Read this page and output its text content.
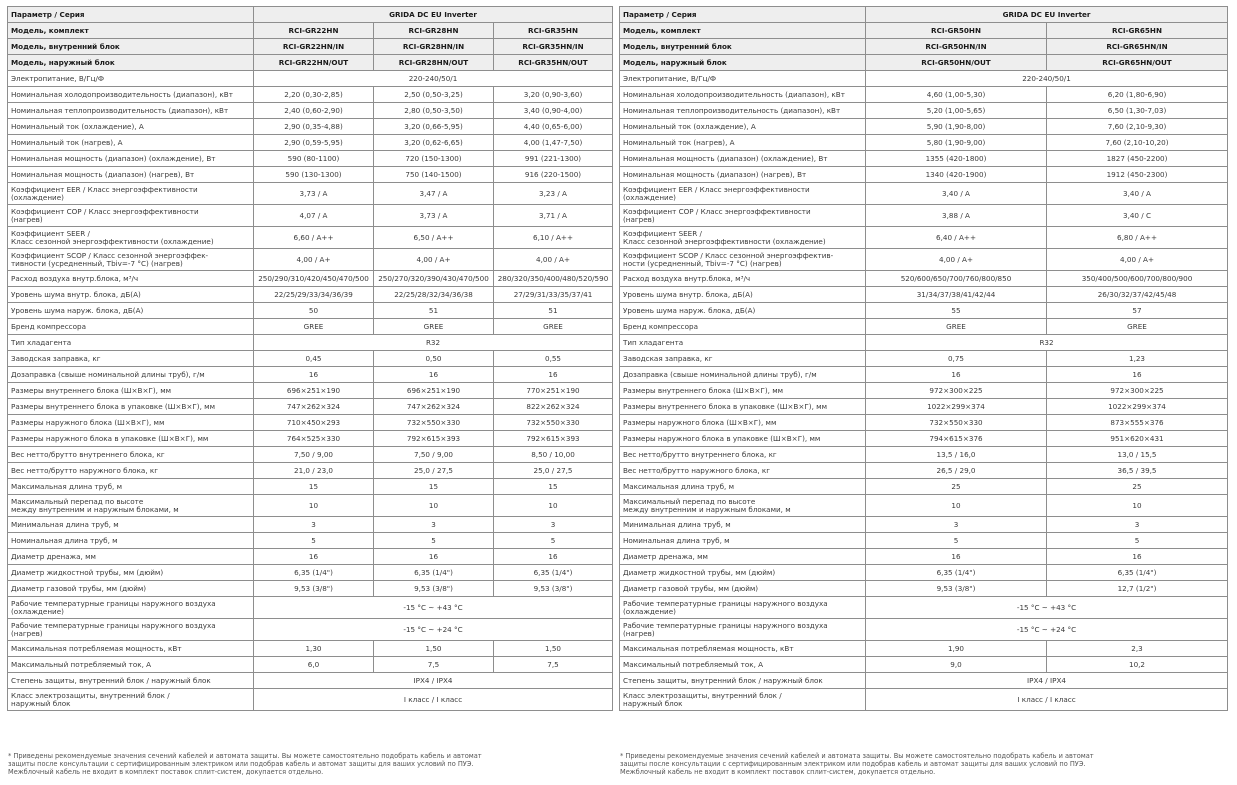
Параметр / Серия	GRIDA DC EU Inverter		
Модель, комплект	RCI-GR22HN	RCI-GR28HN	RCI-GR35HN
Модель, внутренний блок	RCI-GR22HN/IN	RCI-GR28HN/IN	RCI-GR35HN/IN
Модель, наружный блок	RCI-GR22HN/OUT	RCI-GR28HN/OUT	RCI-GR35HN/OUT
Электропитание, В/Гц/Ф	220-240/50/1		
Номинальная холодопроизводительность (диапазон), кВт	2,20 (0,30-2,85)	2,50 (0,50-3,25)	3,20 (0,90-3,60)
Номинальная теплопроизводительность (диапазон), кВт	2,40 (0,60-2,90)	2,80 (0,50-3,50)	3,40 (0,90-4,00)
Номинальный ток (охлаждение), А	2,90 (0,35-4,88)	3,20 (0,66-5,95)	4,40 (0,65-6,00)
Номинальный ток (нагрев), А	2,90 (0,59-5,95)	3,20 (0,62-6,65)	4,00 (1,47-7,50)
Номинальная мощность (диапазон) (охлаждение), Вт	590 (80-1100)	720 (150-1300)	991 (221-1300)
Номинальная мощность (диапазон) (нагрев), Вт	590 (130-1300)	750 (140-1500)	916 (220-1500)
Коэффициент EER / Класс энергоэффективности
(охлаждение)	3,73 / A	3,47 / A	3,23 / A
Коэффициент COP / Класс энергоэффективности
(нагрев)	4,07 / A	3,73 / A	3,71 / A
Коэффициент SEER /
Класс сезонной энергоэффективности (охлаждение)	6,60 / A++	6,50 / A++	6,10 / A++
Коэффициент SCOP / Класс сезонной энергоэффек-
тивности (усредненный, Tbiv=-7 °C) (нагрев)	4,00 / A+	4,00 / A+	4,00 / A+
Расход воздуха внутр.блока, м³/ч	250/290/310/420/450/470/500	250/270/320/390/430/470/500	280/320/350/400/480/520/590
Уровень шума внутр. блока, дБ(А)	22/25/29/33/34/36/39	22/25/28/32/34/36/38	27/29/31/33/35/37/41
Уровень шума наруж. блока, дБ(А)	50	51	51
Бренд компрессора	GREE	GREE	GREE
Тип хладагента	R32		
Заводская заправка, кг	0,45	0,50	0,55
Дозаправка (свыше номинальной длины труб), г/м	16	16	16
Размеры внутреннего блока (Ш×В×Г), мм	696×251×190	696×251×190	770×251×190
Размеры внутреннего блока в упаковке (Ш×В×Г), мм	747×262×324	747×262×324	822×262×324
Размеры наружного блока (Ш×В×Г), мм	710×450×293	732×550×330	732×550×330
Размеры наружного блока в упаковке (Ш×В×Г), мм	764×525×330	792×615×393	792×615×393
Вес нетто/брутто внутреннего блока, кг	7,50 / 9,00	7,50 / 9,00	8,50 / 10,00
Вес нетто/брутто наружного блока, кг	21,0 / 23,0	25,0 / 27,5	25,0 / 27,5
Максимальная длина труб, м	15	15	15
Максимальный перепад по высоте
между внутренним и наружным блоками, м	10	10	10
Минимальная длина труб, м	3	3	3
Номинальная длина труб, м	5	5	5
Диаметр дренажа, мм	16	16	16
Диаметр жидкостной трубы, мм (дюйм)	6,35 (1/4")	6,35 (1/4")	6,35 (1/4")
Диаметр газовой трубы, мм (дюйм)	9,53 (3/8")	9,53 (3/8")	9,53 (3/8")
Рабочие температурные границы наружного воздуха
(охлаждение)	-15 °C ~ +43 °C		
Рабочие температурные границы наружного воздуха
(нагрев)	-15 °C ~ +24 °C		
Максимальная потребляемая мощность, кВт	1,30	1,50	1,50
Максимальный потребляемый ток, А	6,0	7,5	7,5
Степень защиты, внутренний блок / наружный блок	IPX4 / IPX4		
Класс электрозащиты, внутренний блок /
наружный блок	I класс / I класс		
Параметр / Серия	GRIDA DC EU Inverter	
Модель, комплект	RCI-GR50HN	RCI-GR65HN
Модель, внутренний блок	RCI-GR50HN/IN	RCI-GR65HN/IN
Модель, наружный блок	RCI-GR50HN/OUT	RCI-GR65HN/OUT
Электропитание, В/Гц/Ф	220-240/50/1	
Номинальная холодопроизводительность (диапазон), кВт	4,60 (1,00-5,30)	6,20 (1,80-6,90)
Номинальная теплопроизводительность (диапазон), кВт	5,20 (1,00-5,65)	6,50 (1,30-7,03)
Номинальный ток (охлаждение), А	5,90 (1,90-8,00)	7,60 (2,10-9,30)
Номинальный ток (нагрев), А	5,80 (1,90-9,00)	7,60 (2,10-10,20)
Номинальная мощность (диапазон) (охлаждение), Вт	1355 (420-1800)	1827 (450-2200)
Номинальная мощность (диапазон) (нагрев), Вт	1340 (420-1900)	1912 (450-2300)
Коэффициент EER / Класс энергоэффективности
(охлаждение)	3,40 / A	3,40 / A
Коэффициент COP / Класс энергоэффективности
(нагрев)	3,88 / A	3,40 / C
Коэффициент SEER /
Класс сезонной энергоэффективности (охлаждение)	6,40 / A++	6,80 / A++
Коэффициент SCOP / Класс сезонной энергоэффектив-
ности (усредненный, Tbiv=-7 °C) (нагрев)	4,00 / A+	4,00 / A+
Расход воздуха внутр.блока, м³/ч	520/600/650/700/760/800/850	350/400/500/600/700/800/900
Уровень шума внутр. блока, дБ(А)	31/34/37/38/41/42/44	26/30/32/37/42/45/48
Уровень шума наруж. блока, дБ(А)	55	57
Бренд компрессора	GREE	GREE
Тип хладагента	R32	
Заводская заправка, кг	0,75	1,23
Дозаправка (свыше номинальной длины труб), г/м	16	16
Размеры внутреннего блока (Ш×В×Г), мм	972×300×225	972×300×225
Размеры внутреннего блока в упаковке (Ш×В×Г), мм	1022×299×374	1022×299×374
Размеры наружного блока (Ш×В×Г), мм	732×550×330	873×555×376
Размеры наружного блока в упаковке (Ш×В×Г), мм	794×615×376	951×620×431
Вес нетто/брутто внутреннего блока, кг	13,5 / 16,0	13,0 / 15,5
Вес нетто/брутто наружного блока, кг	26,5 / 29,0	36,5 / 39,5
Максимальная длина труб, м	25	25
Максимальный перепад по высоте
между внутренним и наружным блоками, м	10	10
Минимальная длина труб, м	3	3
Номинальная длина труб, м	5	5
Диаметр дренажа, мм	16	16
Диаметр жидкостной трубы, мм (дюйм)	6,35 (1/4")	6,35 (1/4")
Диаметр газовой трубы, мм (дюйм)	9,53 (3/8")	12,7 (1/2")
Рабочие температурные границы наружного воздуха
(охлаждение)	-15 °C ~ +43 °C	
Рабочие температурные границы наружного воздуха
(нагрев)	-15 °C ~ +24 °C	
Максимальная потребляемая мощность, кВт	1,90	2,3
Максимальный потребляемый ток, А	9,0	10,2
Степень защиты, внутренний блок / наружный блок	IPX4 / IPX4	
Класс электрозащиты, внутренний блок /
наружный блок	I класс / I класс	
* Приведены рекомендуемые значения сечений кабелей и автомата защиты. Вы можете самостоятельно подобрать кабель и автомат
защиты после консультации с сертифицированным электриком или подобрав кабель и автомат защиты для ваших условий по ПУЭ.
Межблочный кабель не входит в комплект поставок сплит-систем, докупается отдельно.
* Приведены рекомендуемые значения сечений кабелей и автомата защиты. Вы можете самостоятельно подобрать кабель и автомат
защиты после консультации с сертифицированным электриком или подобрав кабель и автомат защиты для ваших условий по ПУЭ.
Межблочный кабель не входит в комплект поставок сплит-систем, докупается отдельно.
